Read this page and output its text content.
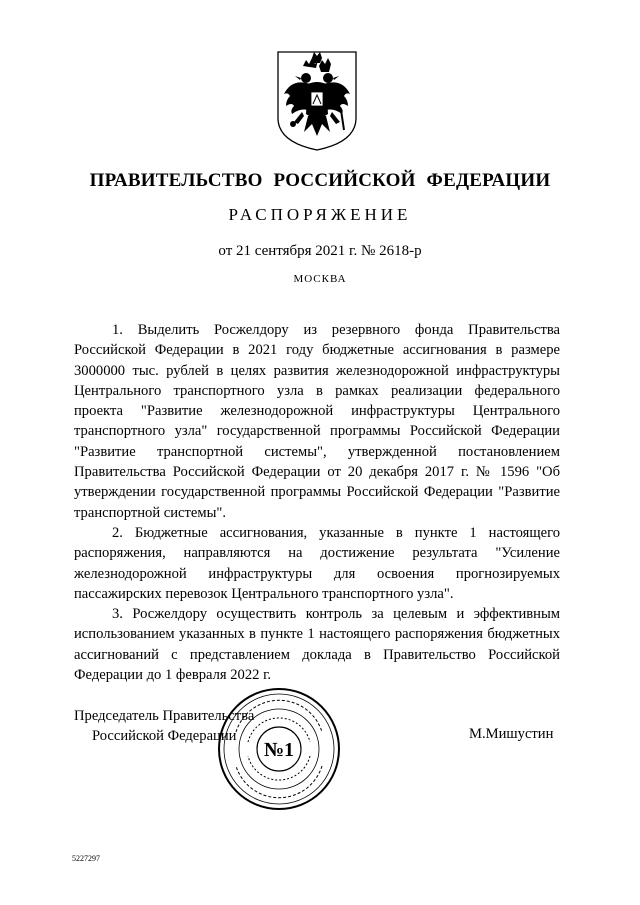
ПРАВИТЕЛЬСТВО РОССИЙСКОЙ ФЕДЕРАЦИИ
РАСПОРЯЖЕНИЕ
от 21 сентября 2021 г. № 2618-р
МОСКВА

1. Выделить Росжелдору из резервного фонда Правительства Российской Федерации в 2021 году бюджетные ассигнования в размере 3000000 тыс. рублей в целях развития железнодорожной инфраструктуры Центрального транспортного узла в рамках реализации федерального проекта "Развитие железнодорожной инфраструктуры Центрального транспортного узла" государственной программы Российской Федерации "Развитие транспортной системы", утвержденной постановлением Правительства Российской Федерации от 20 декабря 2017 г. № 1596 "Об утверждении государственной программы Российской Федерации "Развитие транспортной системы".

2. Бюджетные ассигнования, указанные в пункте 1 настоящего распоряжения, направляются на достижение результата "Усиление железнодорожной инфраструктуры для освоения прогнозируемых пассажирских перевозок Центрального транспортного узла".

3. Росжелдору осуществить контроль за целевым и эффективным использованием указанных в пункте 1 настоящего распоряжения бюджетных ассигнований с представлением доклада в Правительство Российской Федерации до 1 февраля 2022 г.

Председатель Правительства
Российской Федерации	М.Мишустин
№1
5227297
